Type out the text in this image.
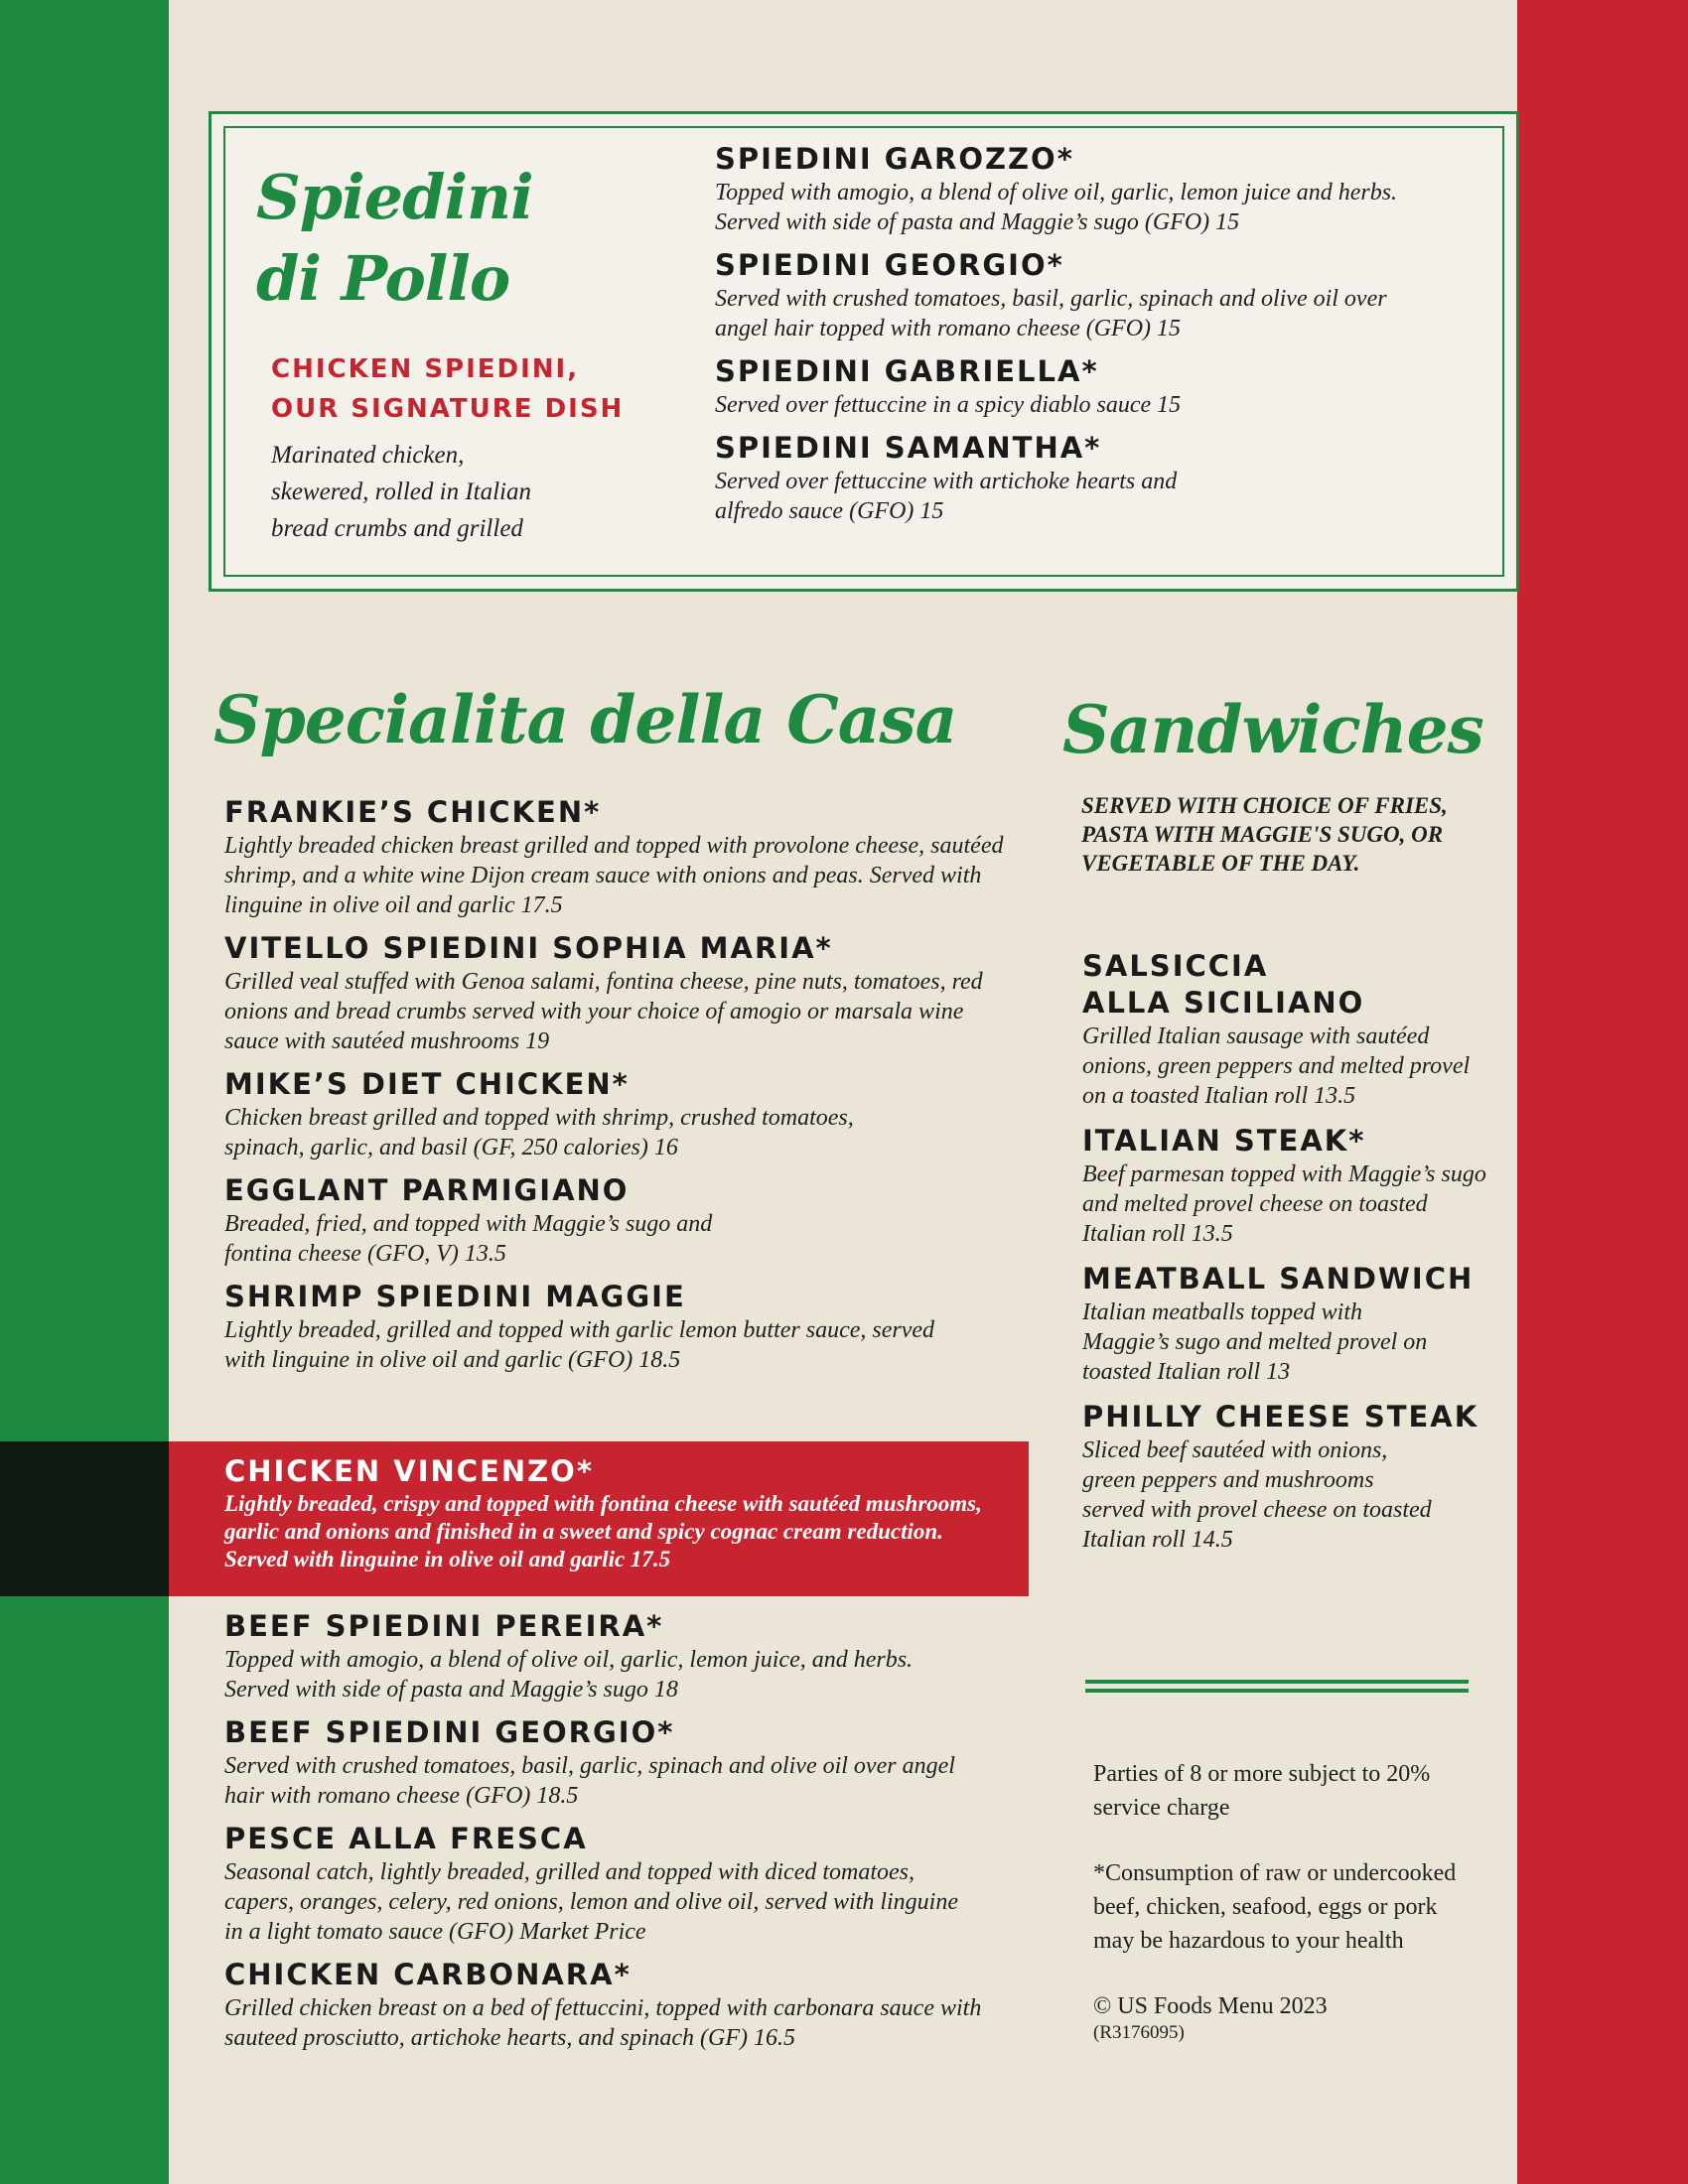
Spiedini
di Pollo
CHICKEN SPIEDINI,
OUR SIGNATURE DISH
Marinated chicken,
skewered, rolled in Italian
bread crumbs and grilled
SPIEDINI GAROZZO*
Topped with amogio, a blend of olive oil, garlic, lemon juice and herbs. Served with side of pasta and Maggie’s sugo (GFO) 15
SPIEDINI GEORGIO*
Served with crushed tomatoes, basil, garlic, spinach and olive oil over angel hair topped with romano cheese (GFO) 15
SPIEDINI GABRIELLA*
Served over fettuccine in a spicy diablo sauce 15
SPIEDINI SAMANTHA*
Served over fettuccine with artichoke hearts and alfredo sauce (GFO) 15
Specialita della Casa Sandwiches
FRANKIE’S CHICKEN*
Lightly breaded chicken breast grilled and topped with provolone cheese, sautéed shrimp, and a white wine Dijon cream sauce with onions and peas. Served with linguine in olive oil and garlic 17.5
VITELLO SPIEDINI SOPHIA MARIA*
Grilled veal stuffed with Genoa salami, fontina cheese, pine nuts, tomatoes, red onions and bread crumbs served with your choice of amogio or marsala wine sauce with sautéed mushrooms 19
MIKE’S DIET CHICKEN*
Chicken breast grilled and topped with shrimp, crushed tomatoes, spinach, garlic, and basil (GF, 250 calories) 16
EGGLANT PARMIGIANO
Breaded, fried, and topped with Maggie’s sugo and fontina cheese (GFO, V) 13.5
SHRIMP SPIEDINI MAGGIE
Lightly breaded, grilled and topped with garlic lemon butter sauce, served with linguine in olive oil and garlic (GFO) 18.5
CHICKEN VINCENZO*
Lightly breaded, crispy and topped with fontina cheese with sautéed mushrooms, garlic and onions and finished in a sweet and spicy cognac cream reduction. Served with linguine in olive oil and garlic 17.5
BEEF SPIEDINI PEREIRA*
Topped with amogio, a blend of olive oil, garlic, lemon juice, and herbs. Served with side of pasta and Maggie’s sugo 18
BEEF SPIEDINI GEORGIO*
Served with crushed tomatoes, basil, garlic, spinach and olive oil over angel hair with romano cheese (GFO) 18.5
PESCE ALLA FRESCA
Seasonal catch, lightly breaded, grilled and topped with diced tomatoes, capers, oranges, celery, red onions, lemon and olive oil, served with linguine in a light tomato sauce (GFO) Market Price
CHICKEN CARBONARA*
Grilled chicken breast on a bed of fettuccini, topped with carbonara sauce with sauteed prosciutto, artichoke hearts, and spinach (GF) 16.5
SERVED WITH CHOICE OF FRIES, PASTA WITH MAGGIE'S SUGO, OR VEGETABLE OF THE DAY.
SALSICCIA
ALLA SICILIANO
Grilled Italian sausage with sautéed onions, green peppers and melted provel on a toasted Italian roll 13.5
ITALIAN STEAK*
Beef parmesan topped with Maggie’s sugo and melted provel cheese on toasted Italian roll 13.5
MEATBALL SANDWICH
Italian meatballs topped with Maggie’s sugo and melted provel on toasted Italian roll 13
PHILLY CHEESE STEAK
Sliced beef sautéed with onions, green peppers and mushrooms served with provel cheese on toasted Italian roll 14.5

Parties of 8 or more subject to 20% service charge

*Consumption of raw or undercooked beef, chicken, seafood, eggs or pork may be hazardous to your health

© US Foods Menu 2023

(R3176095)
